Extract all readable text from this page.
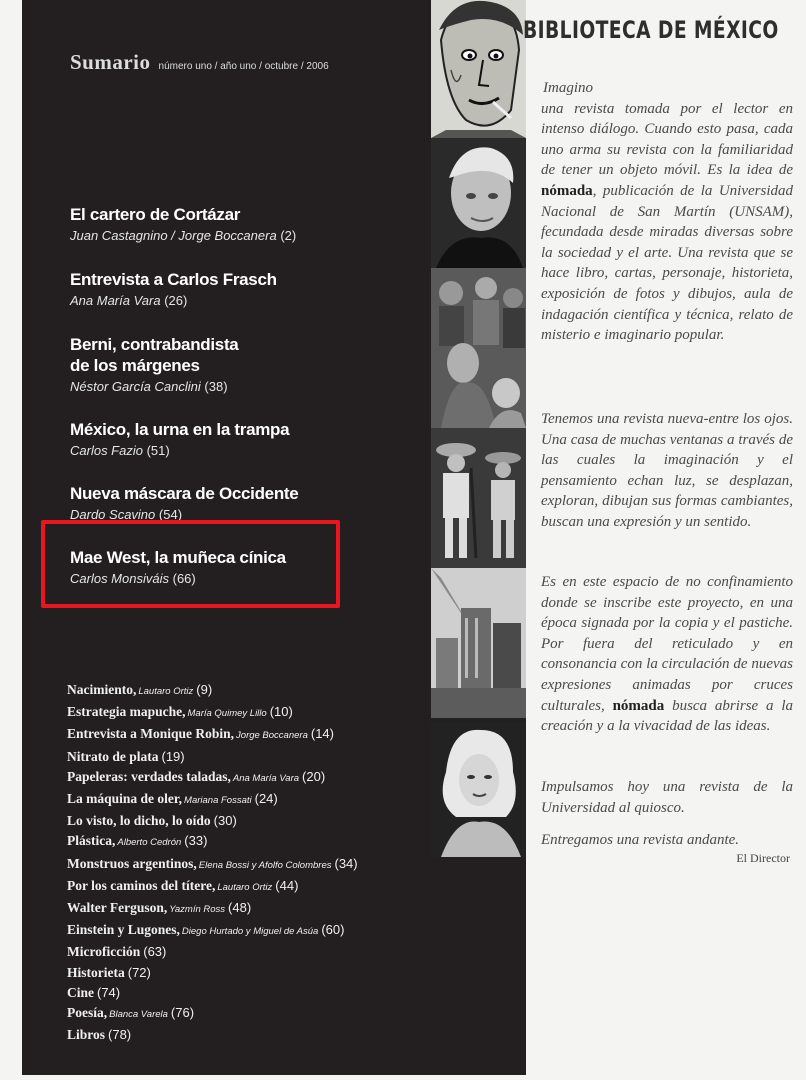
Sumario número uno / año uno / octubre / 2006
El cartero de Cortázar
Juan Castagnino / Jorge Boccanera (2)
Entrevista a Carlos Frasch
Ana María Vara (26)
Berni, contrabandista
de los márgenes
Néstor García Canclini (38)
México, la urna en la trampa
Carlos Fazio (51)
Nueva máscara de Occidente
Dardo Scavino (54)
Mae West, la muñeca cínica
Carlos Monsiváis (66)
Nacimiento, Lautaro Ortiz (9)
Estrategia mapuche, María Quimey Lillo (10)
Entrevista a Monique Robin, Jorge Boccanera (14)
Nitrato de plata (19)
Papeleras: verdades taladas, Ana María Vara (20)
La máquina de oler, Mariana Fossati (24)
Lo visto, lo dicho, lo oído (30)
Plástica, Alberto Cedrón (33)
Monstruos argentinos, Elena Bossi y Afolfo Colombres (34)
Por los caminos del títere, Lautaro Ortiz (44)
Walter Ferguson, Yazmín Ross (48)
Einstein y Lugones, Diego Hurtado y Miguel de Asúa (60)
Microficción (63)
Historieta (72)
Cine (74)
Poesía, Blanca Varela (76)
Libros (78)
BIBLIOTECA DE MÉXICO
Imagino
una revista tomada por el lector en intenso diálogo. Cuando esto pasa, cada uno arma su revista con la familiaridad de tener un objeto móvil. Es la idea de nómada, publicación de la Universidad Nacional de San Martín (UNSAM), fecundada desde miradas diversas sobre la sociedad y el arte. Una revista que se hace libro, cartas, personaje, historieta, exposición de fotos y dibujos, aula de indagación científica y técnica, relato de misterio e imaginario popular.
Tenemos una revista nueva-entre los ojos. Una casa de muchas ventanas a través de las cuales la imaginación y el pensamiento echan luz, se desplazan, exploran, dibujan sus formas cambiantes, buscan una expresión y un sentido.
Es en este espacio de no confinamiento donde se inscribe este proyecto, en una época signada por la copia y el pastiche. Por fuera del reticulado y en consonancia con la circulación de nuevas expresiones animadas por cruces culturales, nómada busca abrirse a la creación y a la vivacidad de las ideas.
Impulsamos hoy una revista de la Universidad al quiosco.
Entregamos una revista andante.
El Director
